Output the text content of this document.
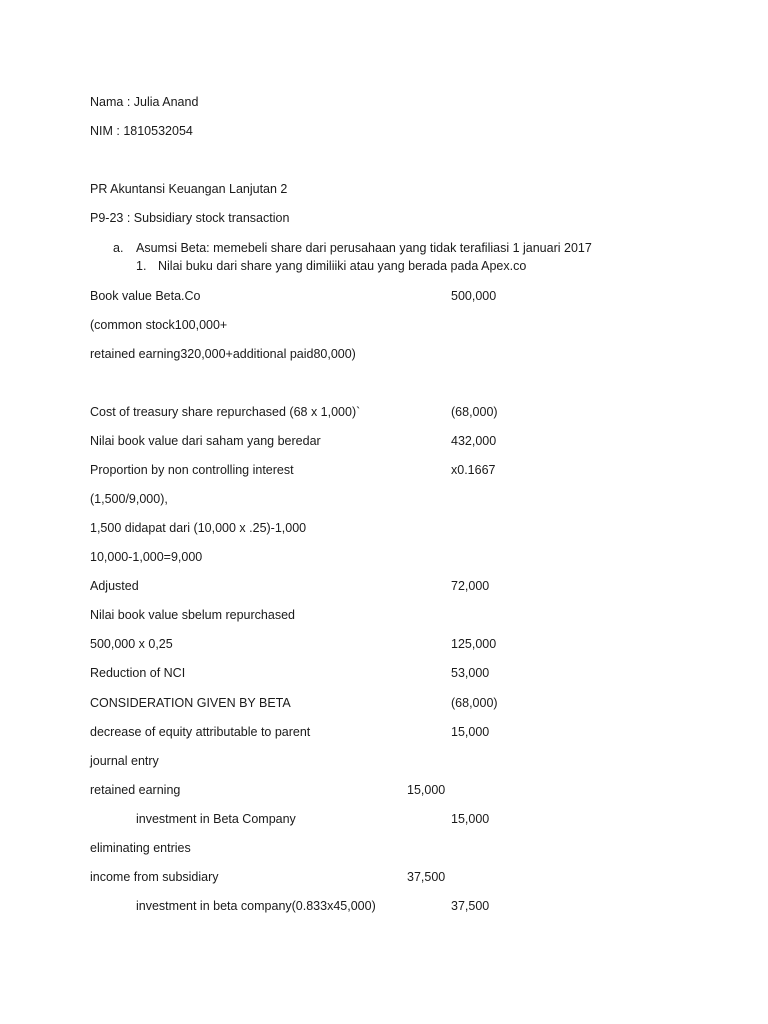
Nama : Julia Anand
NIM : 1810532054
PR Akuntansi Keuangan Lanjutan 2
P9-23 : Subsidiary stock transaction
a. Asumsi Beta: memebeli share dari perusahaan yang tidak terafiliasi 1 januari 2017
1. Nilai buku dari share yang dimiliiki atau yang berada pada Apex.co
Book value Beta.Co	500,000
(common stock100,000+
retained earning320,000+additional paid80,000)
Cost of treasury share repurchased (68 x 1,000)`	(68,000)
Nilai book value dari saham yang beredar	432,000
Proportion by non controlling interest	x0.1667
(1,500/9,000),
1,500 didapat dari (10,000 x .25)-1,000
10,000-1,000=9,000
Adjusted	72,000
Nilai book value sbelum repurchased
500,000 x 0,25	125,000
Reduction of NCI	53,000
CONSIDERATION GIVEN BY BETA	(68,000)
decrease of equity attributable to parent	15,000
journal entry
retained earning	15,000
investment in Beta Company	15,000
eliminating entries
income from subsidiary	37,500
investment in beta company(0.833x45,000)	37,500
